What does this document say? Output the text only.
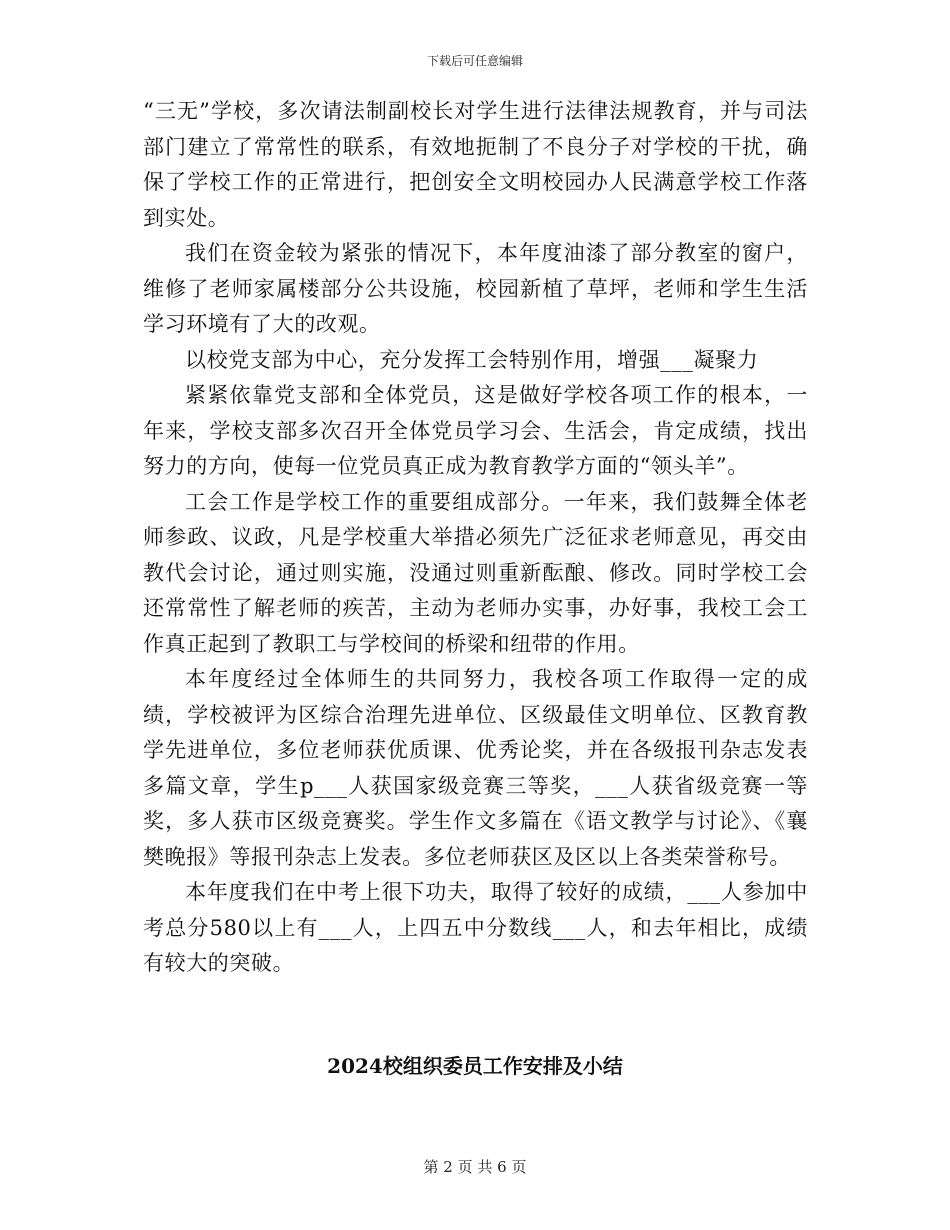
下载后可任意编辑

“三无”学校，多次请法制副校长对学生进行法律法规教育，并与司法部门建立了常常性的联系，有效地扼制了不良分子对学校的干扰，确保了学校工作的正常进行，把创安全文明校园办人民满意学校工作落到实处。

我们在资金较为紧张的情况下，本年度油漆了部分教室的窗户，维修了老师家属楼部分公共设施，校园新植了草坪，老师和学生生活学习环境有了大的改观。

以校党支部为中心，充分发挥工会特别作用，增强___凝聚力

紧紧依靠党支部和全体党员，这是做好学校各项工作的根本，一年来，学校支部多次召开全体党员学习会、生活会，肯定成绩，找出努力的方向，使每一位党员真正成为教育教学方面的“领头羊”。

工会工作是学校工作的重要组成部分。一年来，我们鼓舞全体老师参政、议政，凡是学校重大举措必须先广泛征求老师意见，再交由教代会讨论，通过则实施，没通过则重新酝酿、修改。同时学校工会还常常性了解老师的疾苦，主动为老师办实事，办好事，我校工会工作真正起到了教职工与学校间的桥梁和纽带的作用。

本年度经过全体师生的共同努力，我校各项工作取得一定的成绩，学校被评为区综合治理先进单位、区级最佳文明单位、区教育教学先进单位，多位老师获优质课、优秀论奖，并在各级报刊杂志发表多篇文章，学生p___人获国家级竞赛三等奖，___人获省级竞赛一等奖，多人获市区级竞赛奖。学生作文多篇在《语文教学与讨论》、《襄樊晚报》等报刊杂志上发表。多位老师获区及区以上各类荣誉称号。

本年度我们在中考上很下功夫，取得了较好的成绩，___人参加中考总分580以上有___人，上四五中分数线___人，和去年相比，成绩有较大的突破。

2024校组织委员工作安排及小结
第 2 页 共 6 页
